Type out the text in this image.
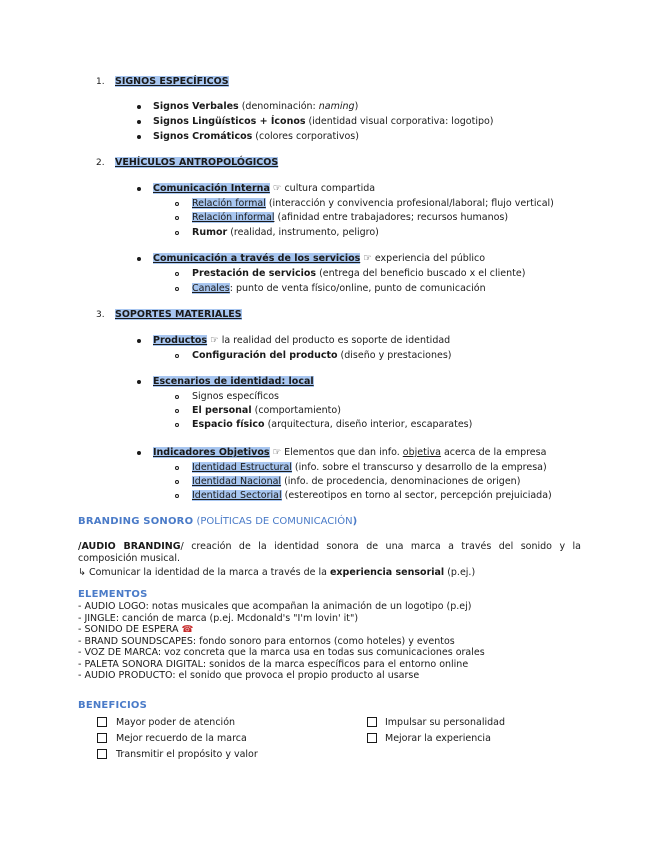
1. SIGNOS ESPECÍFICOS
Signos Verbales (denominación: naming)
Signos Lingüísticos + Íconos (identidad visual corporativa: logotipo)
Signos Cromáticos (colores corporativos)
2. VEHÍCULOS ANTROPOLÓGICOS
Comunicación Interna ☞ cultura compartida
Relación formal (interacción y convivencia profesional/laboral; flujo vertical)
Relación informal (afinidad entre trabajadores; recursos humanos)
Rumor (realidad, instrumento, peligro)
Comunicación a través de los servicios ☞ experiencia del público
Prestación de servicios (entrega del beneficio buscado x el cliente)
Canales: punto de venta físico/online, punto de comunicación
3. SOPORTES MATERIALES
Productos ☞ la realidad del producto es soporte de identidad
Configuración del producto (diseño y prestaciones)
Escenarios de identidad: local
Signos específicos
El personal (comportamiento)
Espacio físico (arquitectura, diseño interior, escaparates)
Indicadores Objetivos ☞ Elementos que dan info. objetiva acerca de la empresa
Identidad Estructural (info. sobre el transcurso y desarrollo de la empresa)
Identidad Nacional (info. de procedencia, denominaciones de origen)
Identidad Sectorial (estereotipos en torno al sector, percepción prejuiciada)
BRANDING SONORO (POLÍTICAS DE COMUNICACIÓN)
/AUDIO BRANDING/ creación de la identidad sonora de una marca a través del sonido y la
composición musical.
↳ Comunicar la identidad de la marca a través de la experiencia sensorial (p.ej.)
ELEMENTOS
- AUDIO LOGO: notas musicales que acompañan la animación de un logotipo (p.ej)
- JINGLE: canción de marca (p.ej. Mcdonald's "I'm lovin' it")
- SONIDO DE ESPERA ☎
- BRAND SOUNDSCAPES: fondo sonoro para entornos (como hoteles) y eventos
- VOZ DE MARCA: voz concreta que la marca usa en todas sus comunicaciones orales
- PALETA SONORA DIGITAL: sonidos de la marca específicos para el entorno online
- AUDIO PRODUCTO: el sonido que provoca el propio producto al usarse
BENEFICIOS
Mayor poder de atención
Mejor recuerdo de la marca
Transmitir el propósito y valor
Impulsar su personalidad
Mejorar la experiencia
